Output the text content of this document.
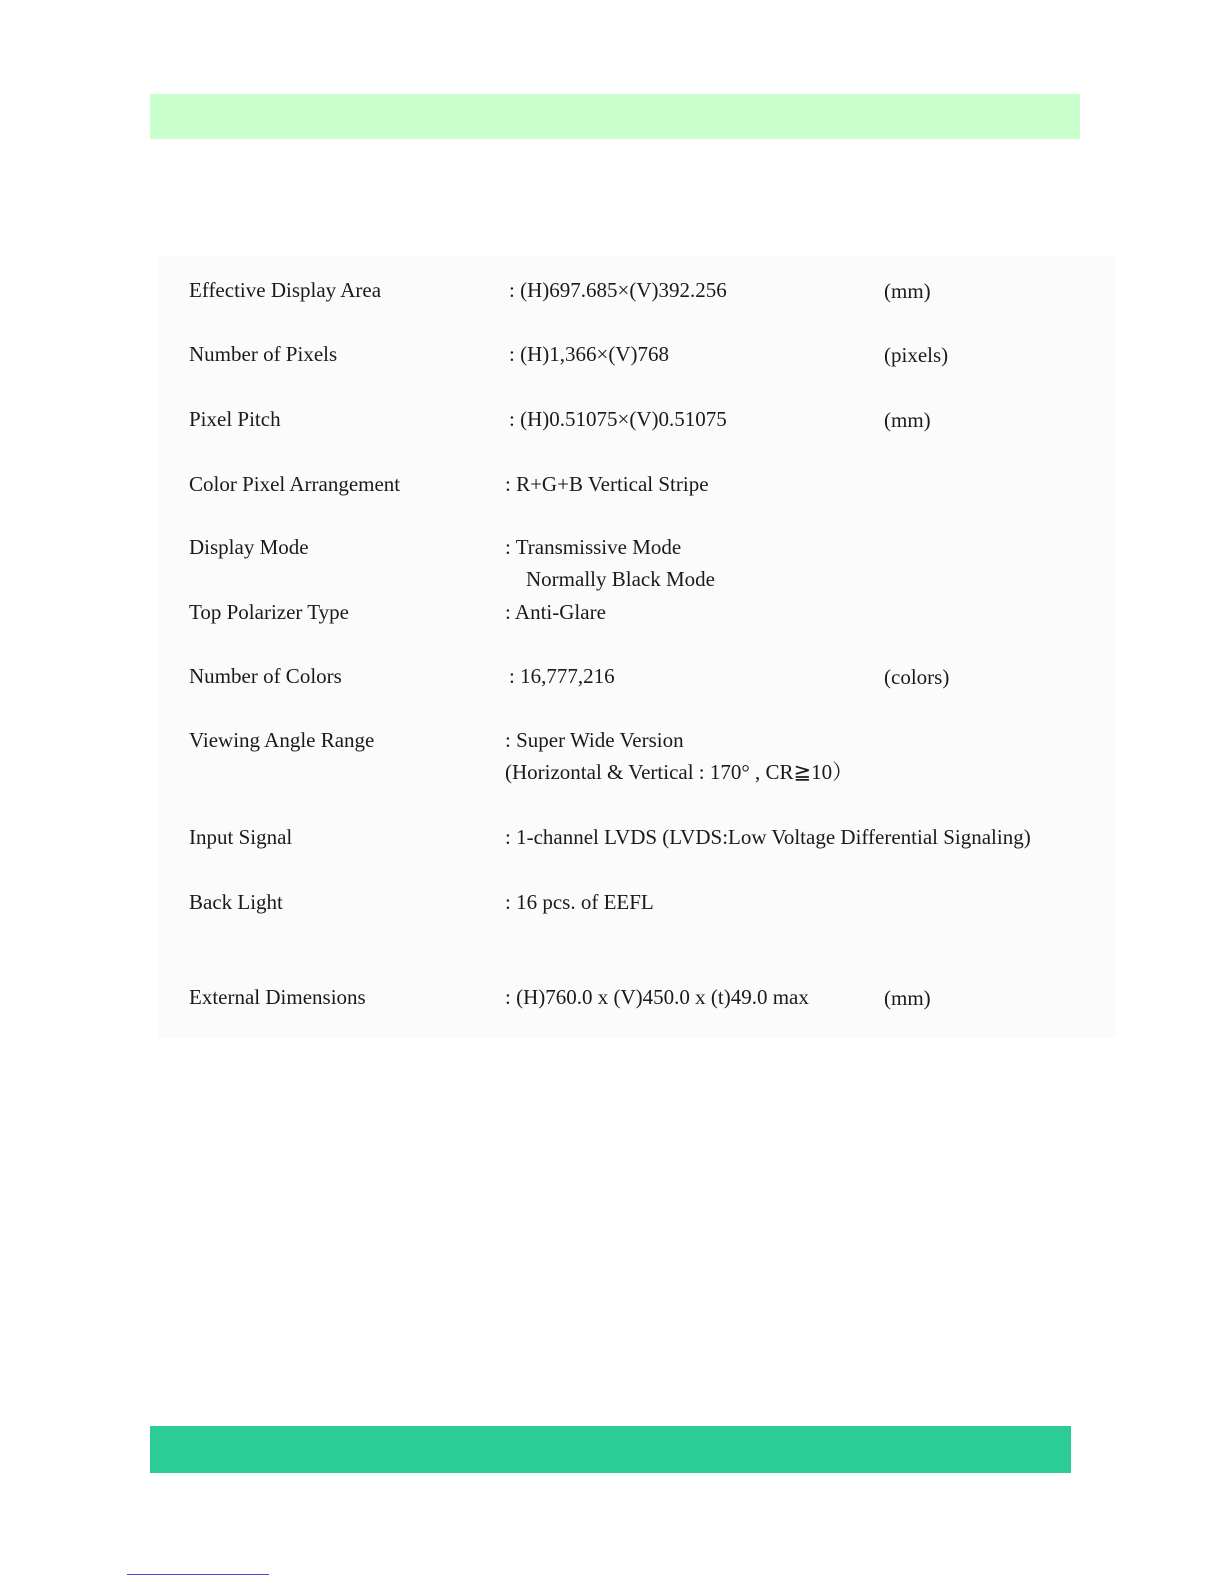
Effective Display Area	: (H)697.685×(V)392.256	(mm)
Number of Pixels	: (H)1,366×(V)768	(pixels)
Pixel Pitch	: (H)0.51075×(V)0.51075	(mm)
Color Pixel Arrangement	: R+G+B Vertical Stripe
Display Mode	: Transmissive Mode
Normally Black Mode
Top Polarizer Type	: Anti-Glare
Number of Colors	: 16,777,216	(colors)
Viewing Angle Range	: Super Wide Version
(Horizontal & Vertical : 170° , CR≧10）
Input Signal	: 1-channel LVDS (LVDS:Low Voltage Differential Signaling)
Back Light	: 16 pcs. of EEFL
External Dimensions	: (H)760.0 x (V)450.0 x (t)49.0 max	(mm)
